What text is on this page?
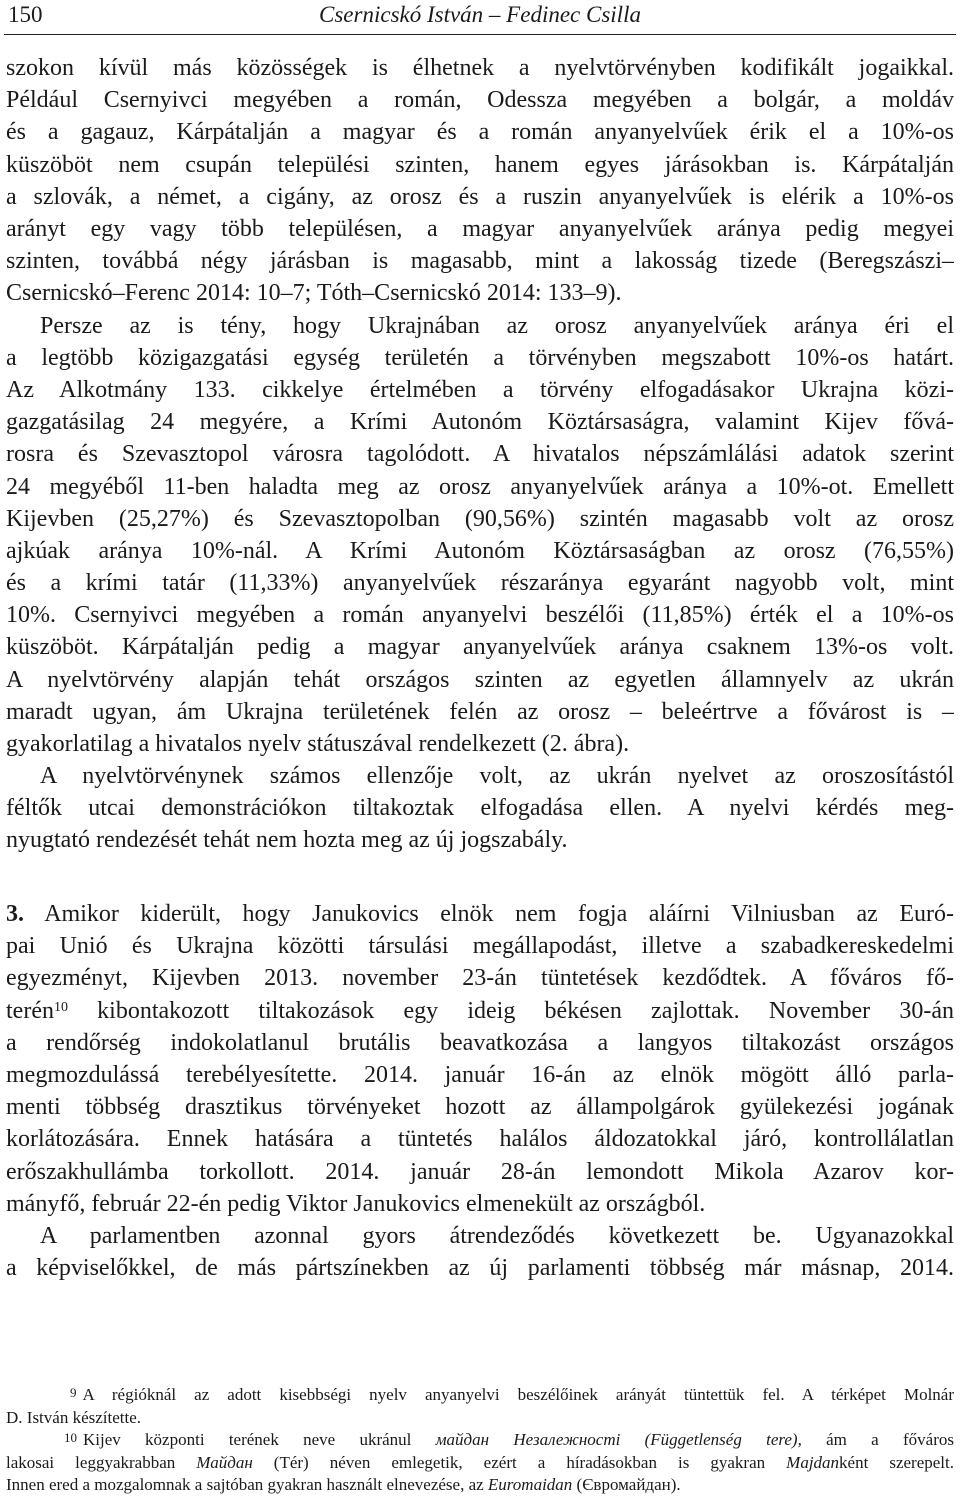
150	Csernicskó István – Fedinec Csilla
szokon kívül más közösségek is élhetnek a nyelvtörvényben kodifikált jogaikkal.
Például Csernyivci megyében a román, Odessza megyében a bolgár, a moldáv
és a gagauz, Kárpátalján a magyar és a román anyanyelvűek érik el a 10%-os
küszöböt nem csupán települési szinten, hanem egyes járásokban is. Kárpátalján
a szlovák, a német, a cigány, az orosz és a ruszin anyanyelvűek is elérik a 10%-os
arányt egy vagy több településen, a magyar anyanyelvűek aránya pedig megyei
szinten, továbbá négy járásban is magasabb, mint a lakosság tizede (Beregszászi–
Csernicskó–Ferenc 2014: 10–7; Tóth–Csernicskó 2014: 133–9).
Persze az is tény, hogy Ukrajnában az orosz anyanyelvűek aránya éri el
a legtöbb közigazgatási egység területén a törvényben megszabott 10%-os határt.
Az Alkotmány 133. cikkelye értelmében a törvény elfogadásakor Ukrajna közi-
gazgatásilag 24 megyére, a Krími Autonóm Köztársaságra, valamint Kijev fővá-
rosra és Szevasztopol városra tagolódott. A hivatalos népszámlálási adatok szerint
24 megyéből 11-ben haladta meg az orosz anyanyelvűek aránya a 10%-ot. Emellett
Kijevben (25,27%) és Szevasztopolban (90,56%) szintén magasabb volt az orosz
ajkúak aránya 10%-nál. A Krími Autonóm Köztársaságban az orosz (76,55%)
és a krími tatár (11,33%) anyanyelvűek részaránya egyaránt nagyobb volt, mint
10%. Csernyivci megyében a román anyanyelvi beszélői (11,85%) érték el a 10%-os
küszöböt. Kárpátalján pedig a magyar anyanyelvűek aránya csaknem 13%-os volt.
A nyelvtörvény alapján tehát országos szinten az egyetlen államnyelv az ukrán
maradt ugyan, ám Ukrajna területének felén az orosz – beleértrve a fővárost is –
gyakorlatilag a hivatalos nyelv státuszával rendelkezett (2. ábra).
A nyelvtörvénynek számos ellenzője volt, az ukrán nyelvet az oroszosítástól
féltők utcai demonstrációkon tiltakoztak elfogadása ellen. A nyelvi kérdés meg-
nyugtató rendezését tehát nem hozta meg az új jogszabály.
3. Amikor kiderült, hogy Janukovics elnök nem fogja aláírni Vilniusban az Euró-
pai Unió és Ukrajna közötti társulási megállapodást, illetve a szabadkereskedelmi
egyezményt, Kijevben 2013. november 23-án tüntetések kezdődtek. A főváros fő-
terén$^{10}$ kibontakozott tiltakozások egy ideig békésen zajlottak. November 30-án
a rendőrség indokolatlanul brutális beavatkozása a langyos tiltakozást országos
megmozdulássá terebélyesítette. 2014. január 16-án az elnök mögött álló parla-
menti többség drasztikus törvényeket hozott az állampolgárok gyülekezési jogának
korlátozására. Ennek hatására a tüntetés halálos áldozatokkal járó, kontrollálatlan
erőszakhullámba torkollott. 2014. január 28-án lemondott Mikola Azarov kor-
mányfő, február 22-én pedig Viktor Janukovics elmenekült az országból.
A parlamentben azonnal gyors átrendeződés következett be. Ugyanazokkal
a képviselőkkel, de más pártszínekben az új parlamenti többség már másnap, 2014.
$^9$ A régióknál az adott kisebbségi nyelv anyanyelvi beszélőinek arányát tüntettük fel. A térképet Molnár
D. István készítette.
$^{10}$ Kijev központi terének neve ukránul майдан Незалежності (Függetlenség tere), ám a főváros
lakosai leggyakrabban Майдан (Tér) néven emlegetik, ezért a híradásokban is gyakran Majdanként szerepelt.
Innen ered a mozgalomnak a sajtóban gyakran használt elnevezése, az Euromaidan (Євромайдан).
